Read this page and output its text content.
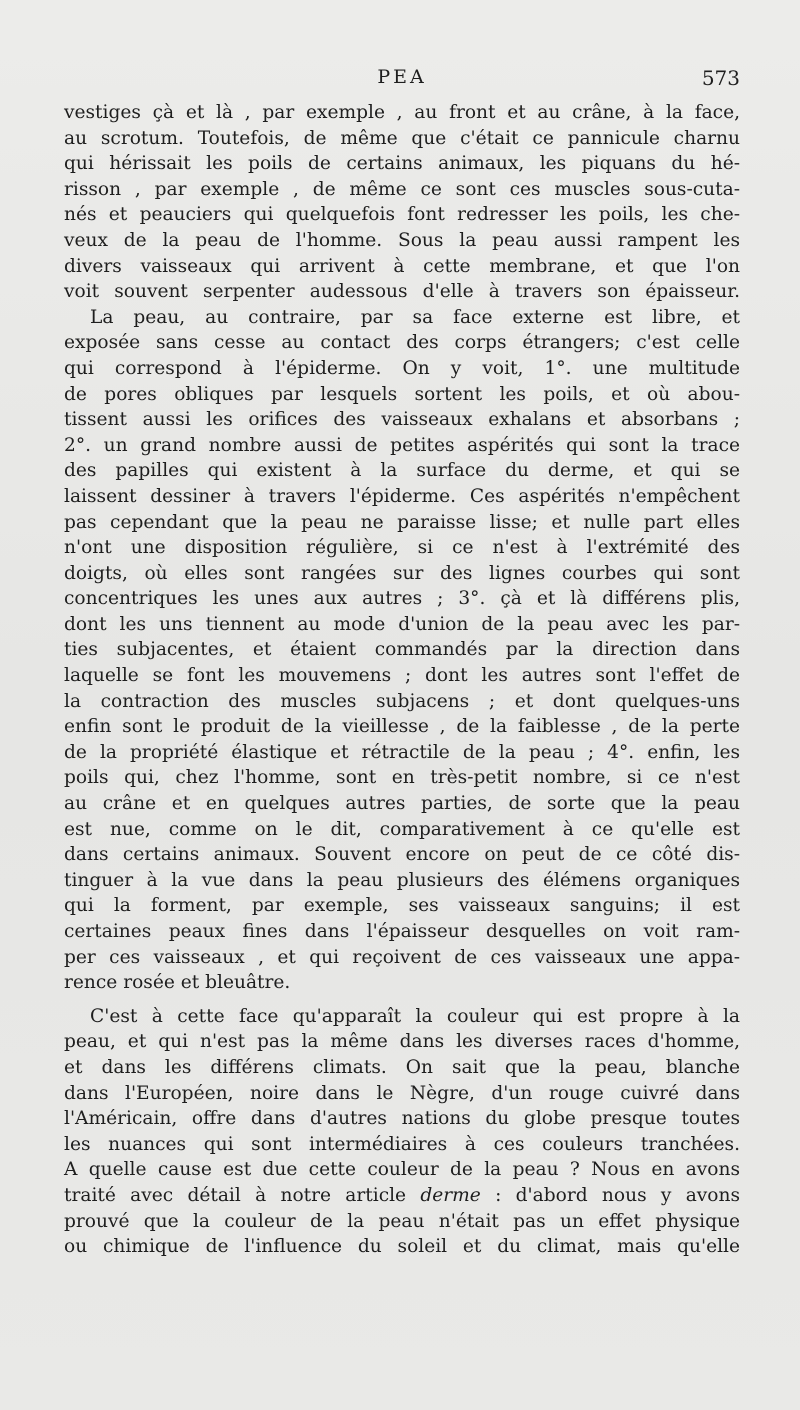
PEA	573
vestiges çà et là , par exemple , au front et au crâne, à la face,
au scrotum. Toutefois, de même que c'était ce pannicule charnu
qui hérissait les poils de certains animaux, les piquans du hé-
risson , par exemple , de même ce sont ces muscles sous-cuta-
nés et peauciers qui quelquefois font redresser les poils, les che-
veux de la peau de l'homme. Sous la peau aussi rampent les
divers vaisseaux qui arrivent à cette membrane, et que l'on
voit souvent serpenter audessous d'elle à travers son épaisseur.
La peau, au contraire, par sa face externe est libre, et
exposée sans cesse au contact des corps étrangers; c'est celle
qui correspond à l'épiderme. On y voit, 1°. une multitude
de pores obliques par lesquels sortent les poils, et où abou-
tissent aussi les orifices des vaisseaux exhalans et absorbans ;
2°. un grand nombre aussi de petites aspérités qui sont la trace
des papilles qui existent à la surface du derme, et qui se
laissent dessiner à travers l'épiderme. Ces aspérités n'empêchent
pas cependant que la peau ne paraisse lisse; et nulle part elles
n'ont une disposition régulière, si ce n'est à l'extrémité des
doigts, où elles sont rangées sur des lignes courbes qui sont
concentriques les unes aux autres ; 3°. çà et là différens plis,
dont les uns tiennent au mode d'union de la peau avec les par-
ties subjacentes, et étaient commandés par la direction dans
laquelle se font les mouvemens ; dont les autres sont l'effet de
la contraction des muscles subjacens ; et dont quelques-uns
enfin sont le produit de la vieillesse , de la faiblesse , de la perte
de la propriété élastique et rétractile de la peau ; 4°. enfin, les
poils qui, chez l'homme, sont en très-petit nombre, si ce n'est
au crâne et en quelques autres parties, de sorte que la peau
est nue, comme on le dit, comparativement à ce qu'elle est
dans certains animaux. Souvent encore on peut de ce côté dis-
tinguer à la vue dans la peau plusieurs des élémens organiques
qui la forment, par exemple, ses vaisseaux sanguins; il est
certaines peaux fines dans l'épaisseur desquelles on voit ram-
per ces vaisseaux , et qui reçoivent de ces vaisseaux une appa-
rence rosée et bleuâtre.
C'est à cette face qu'apparaît la couleur qui est propre à la
peau, et qui n'est pas la même dans les diverses races d'homme,
et dans les différens climats. On sait que la peau, blanche
dans l'Européen, noire dans le Nègre, d'un rouge cuivré dans
l'Américain, offre dans d'autres nations du globe presque toutes
les nuances qui sont intermédiaires à ces couleurs tranchées.
A quelle cause est due cette couleur de la peau ? Nous en avons
traité avec détail à notre article derme : d'abord nous y avons
prouvé que la couleur de la peau n'était pas un effet physique
ou chimique de l'influence du soleil et du climat, mais qu'elle
